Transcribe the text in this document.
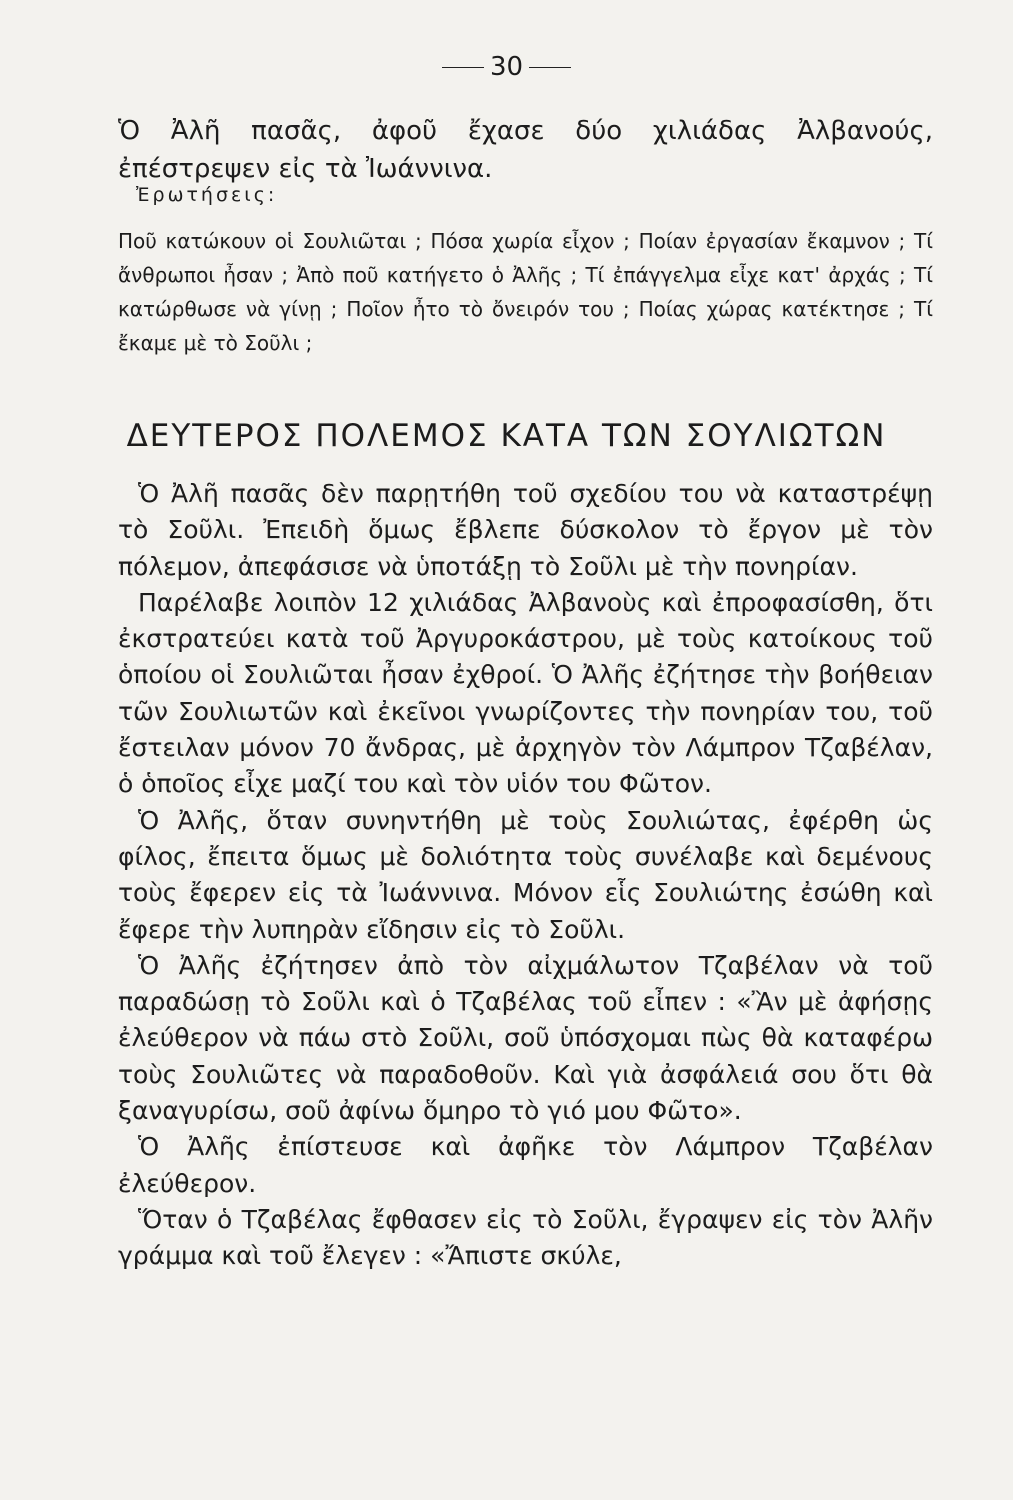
30

Ὁ Ἀλῆ πασᾶς, ἀφοῦ ἔχασε δύο χιλιάδας Ἀλβανούς, ἐπέστρεψεν εἰς τὰ Ἰωάννινα.

Ἐρωτήσεις:

Ποῦ κατώκουν οἱ Σουλιῶται ; Πόσα χωρία εἶχον ; Ποίαν ἐργασίαν ἔκαμνον ; Τί ἄνθρωποι ἦσαν ; Ἀπὸ ποῦ κατήγετο ὁ Ἀλῆς ; Τί ἐπάγγελμα εἶχε κατ' ἀρχάς ; Τί κατώρθωσε νὰ γίνῃ ; Ποῖον ἦτο τὸ ὄνειρόν του ; Ποίας χώρας κατέκτησε ; Τί ἔκαμε μὲ τὸ Σοῦλι ;

ΔΕΥΤΕΡΟΣ ΠΟΛΕΜΟΣ ΚΑΤΑ ΤΩΝ ΣΟΥΛΙΩΤΩΝ

Ὁ Ἀλῆ πασᾶς δὲν παρῃτήθη τοῦ σχεδίου του νὰ καταστρέψῃ τὸ Σοῦλι. Ἐπειδὴ ὅμως ἔβλεπε δύσκολον τὸ ἔργον μὲ τὸν πόλεμον, ἀπεφάσισε νὰ ὑποτάξῃ τὸ Σοῦλι μὲ τὴν πονηρίαν.

Παρέλαβε λοιπὸν 12 χιλιάδας Ἀλβανοὺς καὶ ἐπροφασίσθη, ὅτι ἐκστρατεύει κατὰ τοῦ Ἀργυροκάστρου, μὲ τοὺς κατοίκους τοῦ ὁποίου οἱ Σουλιῶται ἦσαν ἐχθροί. Ὁ Ἀλῆς ἐζήτησε τὴν βοήθειαν τῶν Σουλιωτῶν καὶ ἐκεῖνοι γνωρίζοντες τὴν πονηρίαν του, τοῦ ἔστειλαν μόνον 70 ἄνδρας, μὲ ἀρχηγὸν τὸν Λάμπρον Τζαβέλαν, ὁ ὁποῖος εἶχε μαζί του καὶ τὸν υἱόν του Φῶτον.

Ὁ Ἀλῆς, ὅταν συνηντήθη μὲ τοὺς Σουλιώτας, ἐφέρθη ὡς φίλος, ἔπειτα ὅμως μὲ δολιότητα τοὺς συνέλαβε καὶ δεμένους τοὺς ἔφερεν εἰς τὰ Ἰωάννινα. Μόνον εἷς Σουλιώτης ἐσώθη καὶ ἔφερε τὴν λυπηρὰν εἴδησιν εἰς τὸ Σοῦλι.

Ὁ Ἀλῆς ἐζήτησεν ἀπὸ τὸν αἰχμάλωτον Τζαβέλαν νὰ τοῦ παραδώσῃ τὸ Σοῦλι καὶ ὁ Τζαβέλας τοῦ εἶπεν : «Ἂν μὲ ἀφήσῃς ἐλεύθερον νὰ πάω στὸ Σοῦλι, σοῦ ὑπόσχομαι πὼς θὰ καταφέρω τοὺς Σουλιῶτες νὰ παραδοθοῦν. Καὶ γιὰ ἀσφάλειά σου ὅτι θὰ ξαναγυρίσω, σοῦ ἀφίνω ὅμηρο τὸ γιό μου Φῶτο».

Ὁ Ἀλῆς ἐπίστευσε καὶ ἀφῆκε τὸν Λάμπρον Τζαβέλαν ἐλεύθερον.

Ὅταν ὁ Τζαβέλας ἔφθασεν εἰς τὸ Σοῦλι, ἔγραψεν εἰς τὸν Ἀλῆν γράμμα καὶ τοῦ ἔλεγεν : «Ἄπιστε σκύλε,
